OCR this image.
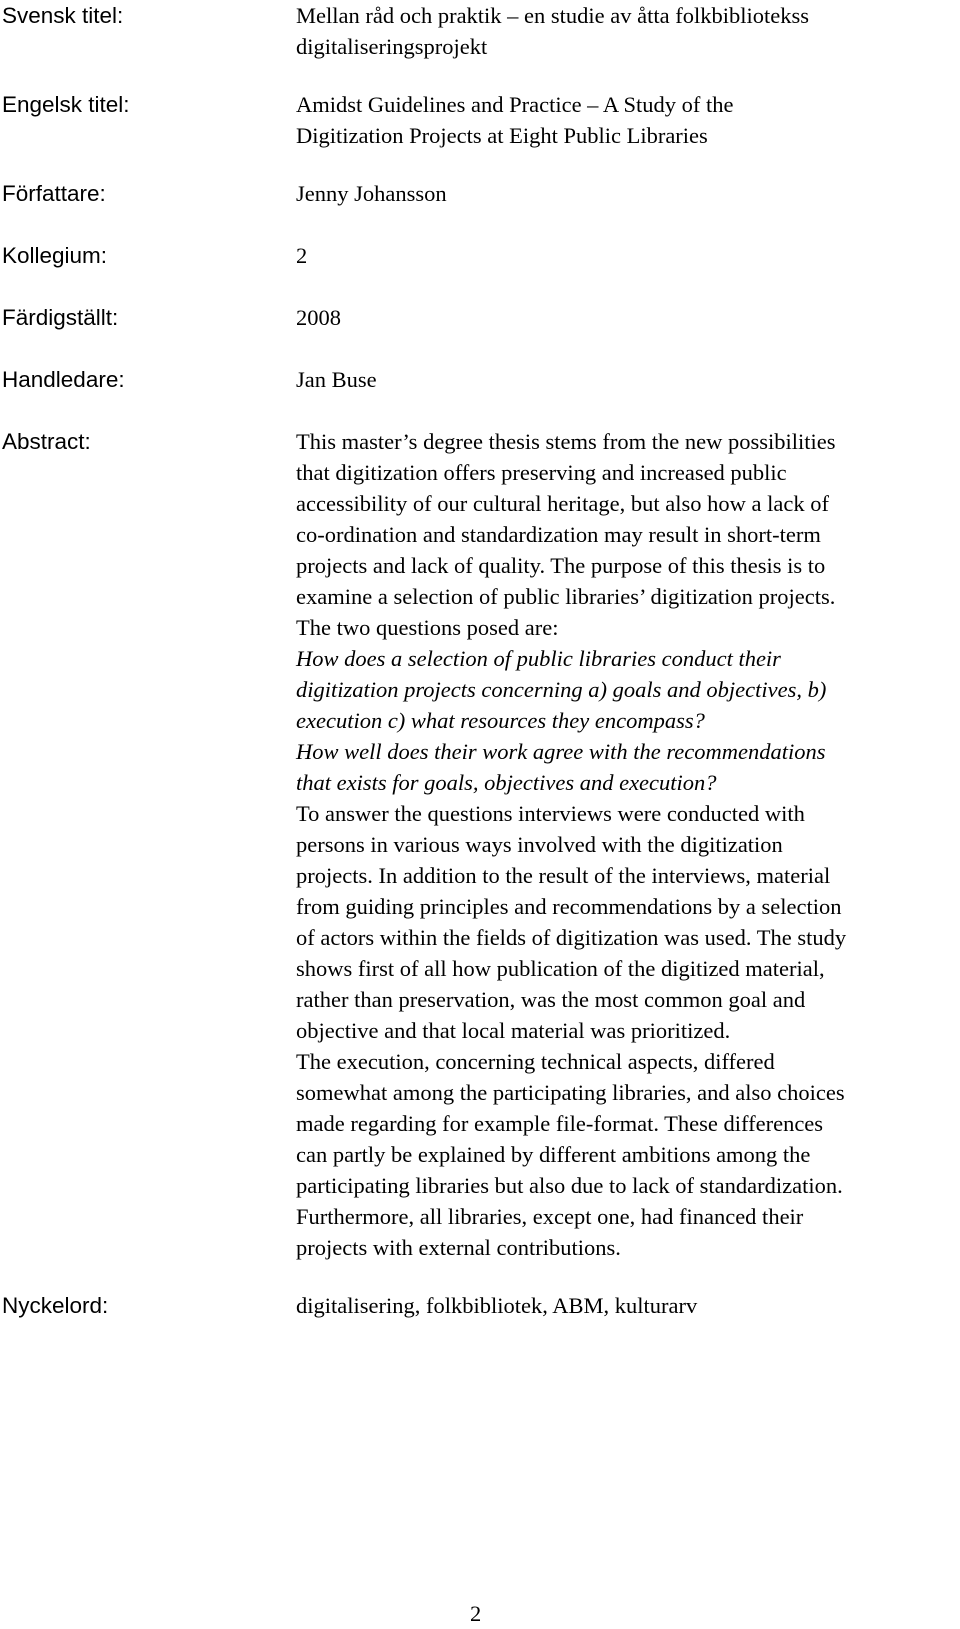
Svensk titel:	Mellan råd och praktik – en studie av åtta folkbibliotekss
digitaliseringsprojekt
Engelsk titel:	Amidst Guidelines and Practice – A Study of the
Digitization Projects at Eight Public Libraries
Författare:	Jenny Johansson
Kollegium:	2
Färdigställt:	2008
Handledare:	Jan Buse
Abstract:	This master’s degree thesis stems from the new possibilities
that digitization offers preserving and increased public
accessibility of our cultural heritage, but also how a lack of
co-ordination and standardization may result in short-term
projects and lack of quality. The purpose of this thesis is to
examine a selection of public libraries’ digitization projects.
The two questions posed are:
How does a selection of public libraries conduct their
digitization projects concerning a) goals and objectives, b)
execution c) what resources they encompass?
How well does their work agree with the recommendations
that exists for goals, objectives and execution?
To answer the questions interviews were conducted with
persons in various ways involved with the digitization
projects. In addition to the result of the interviews, material
from guiding principles and recommendations by a selection
of actors within the fields of digitization was used. The study
shows first of all how publication of the digitized material,
rather than preservation, was the most common goal and
objective and that local material was prioritized.
The execution, concerning technical aspects, differed
somewhat among the participating libraries, and also choices
made regarding for example file-format. These differences
can partly be explained by different ambitions among the
participating libraries but also due to lack of standardization.
Furthermore, all libraries, except one, had financed their
projects with external contributions.
Nyckelord:	digitalisering, folkbibliotek, ABM, kulturarv
2
